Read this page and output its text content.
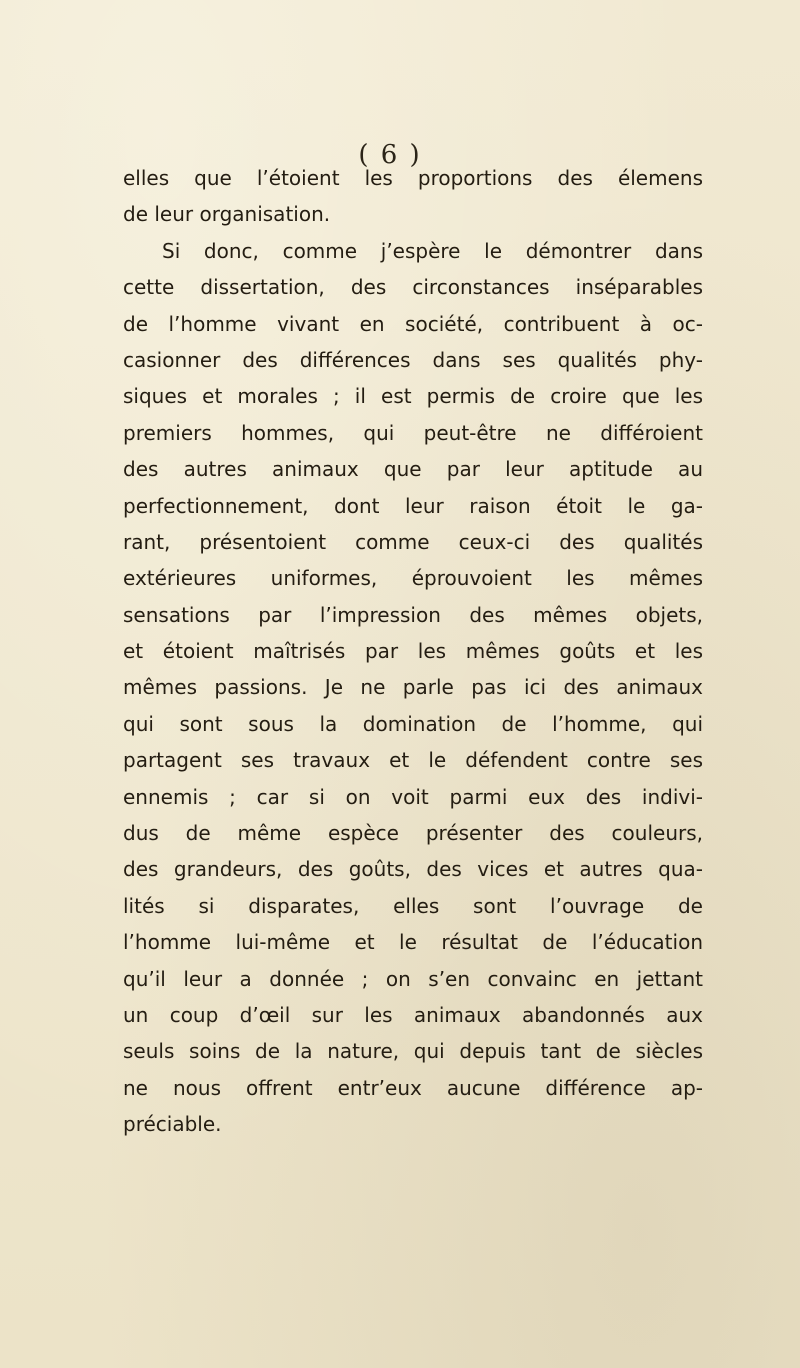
( 6 )
elles que l’étoient les proportions des élemens
de leur organisation.
Si donc, comme j’espère le démontrer dans
cette dissertation, des circonstances inséparables
de l’homme vivant en société, contribuent à oc-
casionner des différences dans ses qualités phy-
siques et morales ; il est permis de croire que les
premiers hommes, qui peut-être ne différoient
des autres animaux que par leur aptitude au
perfectionnement, dont leur raison étoit le ga-
rant, présentoient comme ceux-ci des qualités
extérieures uniformes, éprouvoient les mêmes
sensations par l’impression des mêmes objets,
et étoient maîtrisés par les mêmes goûts et les
mêmes passions. Je ne parle pas ici des animaux
qui sont sous la domination de l’homme, qui
partagent ses travaux et le défendent contre ses
ennemis ; car si on voit parmi eux des indivi-
dus de même espèce présenter des couleurs,
des grandeurs, des goûts, des vices et autres qua-
lités si disparates, elles sont l’ouvrage de
l’homme lui-même et le résultat de l’éducation
qu’il leur a donnée ; on s’en convainc en jettant
un coup d’œil sur les animaux abandonnés aux
seuls soins de la nature, qui depuis tant de siècles
ne nous offrent entr’eux aucune différence ap-
préciable.
